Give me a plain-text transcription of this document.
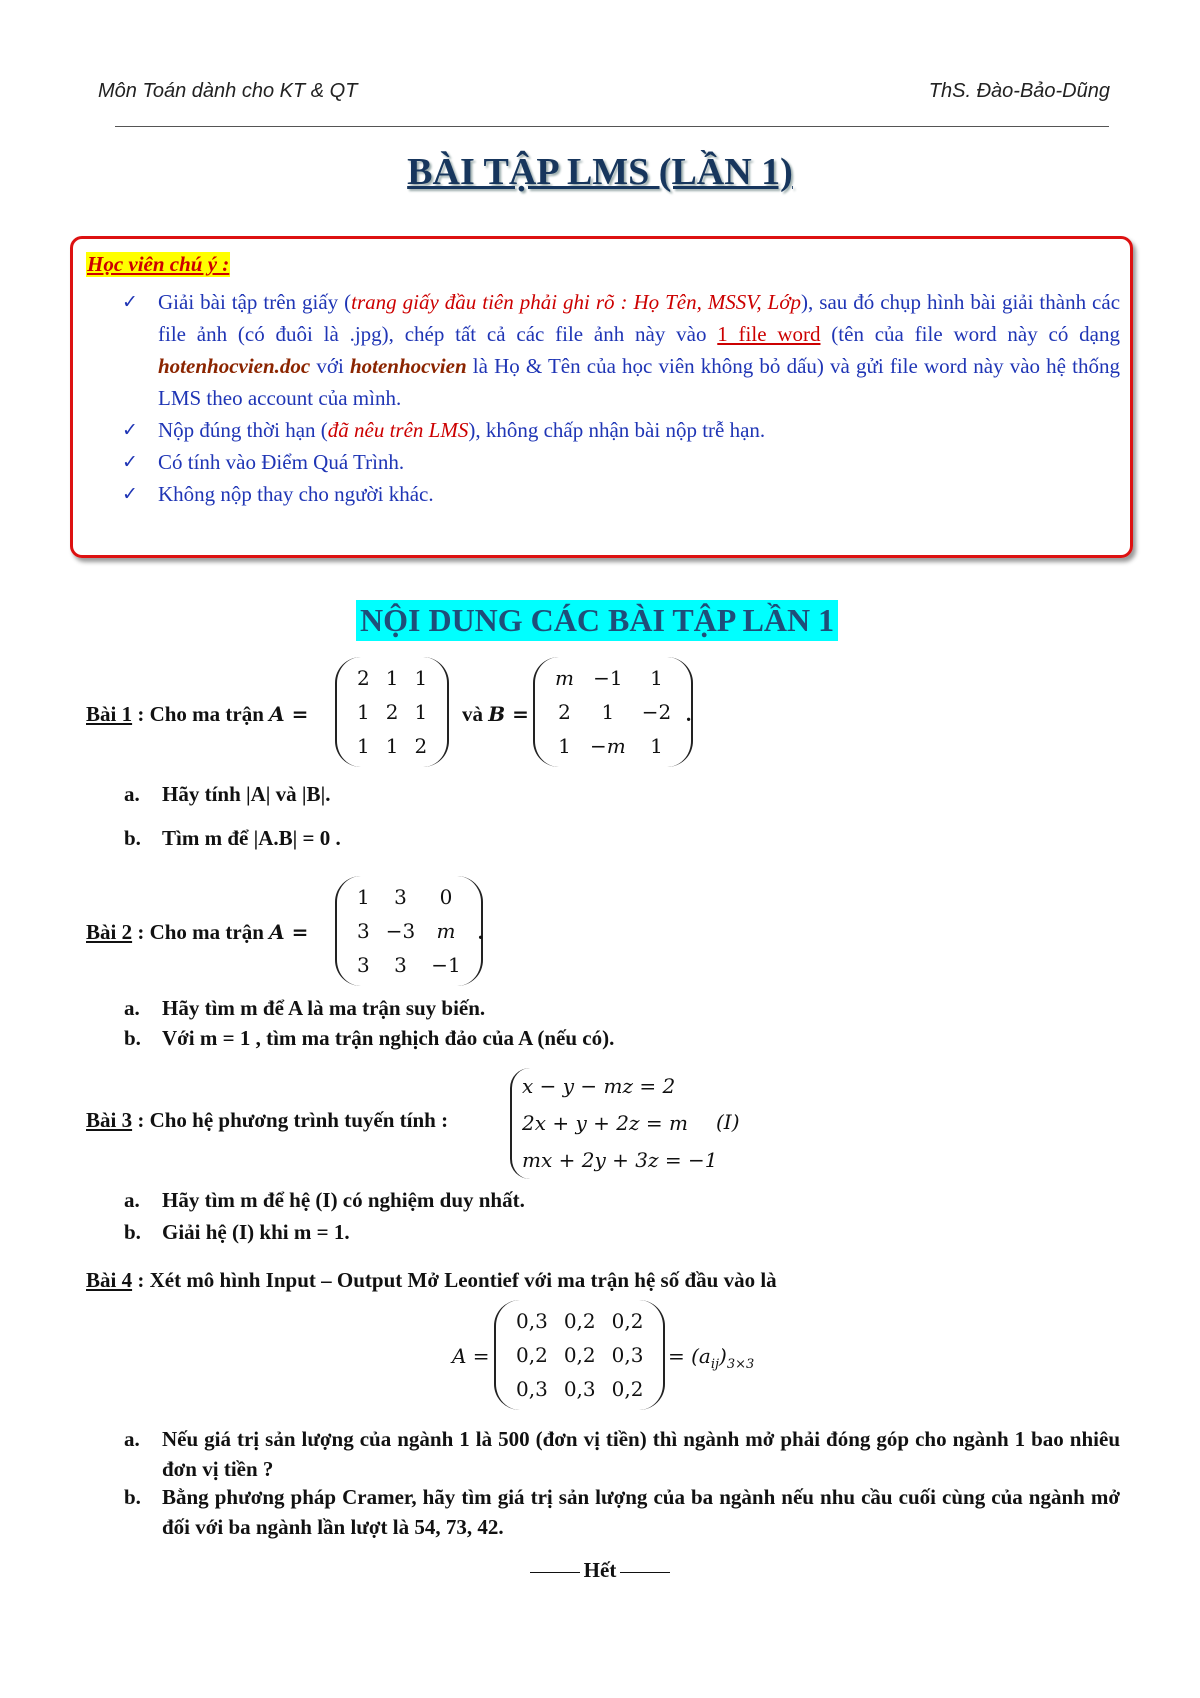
Môn Toán dành cho KT & QT	ThS. Đào-Bảo-Dũng
BÀI TẬP LMS (LẦN 1)
Học viên chú ý :
✓ Giải bài tập trên giấy (trang giấy đầu tiên phải ghi rõ : Họ Tên, MSSV, Lớp), sau đó chụp hình bài giải thành các file ảnh (có đuôi là .jpg), chép tất cả các file ảnh này vào 1 file word (tên của file word này có dạng hotenhocvien.doc với hotenhocvien là Họ & Tên của học viên không bỏ dấu) và gửi file word này vào hệ thống LMS theo account của mình.
✓ Nộp đúng thời hạn (đã nêu trên LMS), không chấp nhận bài nộp trễ hạn.
✓ Có tính vào Điểm Quá Trình.
✓ Không nộp thay cho người khác.
NỘI DUNG CÁC BÀI TẬP LẦN 1
Bài 1 : Cho ma trận A =
2	1	1
1	2	1
1	1	2
và B =
m	−1	1
2	1	−2
1	−m	1
.
a. Hãy tính |A| và |B|.
b. Tìm m để |A.B| = 0 .
Bài 2 : Cho ma trận A =
1	3	0
3	−3	m
3	3	−1
.
a. Hãy tìm m để A là ma trận suy biến.
b. Với m = 1 , tìm ma trận nghịch đảo của A (nếu có).
Bài 3 : Cho hệ phương trình tuyến tính :
x − y − mz = 2
2x + y + 2z = m
mx + 2y + 3z = −1
(I)
a. Hãy tìm m để hệ (I) có nghiệm duy nhất.
b. Giải hệ (I) khi m = 1.
Bài 4 : Xét mô hình Input – Output Mở Leontief với ma trận hệ số đầu vào là
A =
0,3	0,2	0,2
0,2	0,2	0,3
0,3	0,3	0,2
= $(a_{ij})_{3\times 3}$
a. Nếu giá trị sản lượng của ngành 1 là 500 (đơn vị tiền) thì ngành mở phải đóng góp cho ngành 1 bao nhiêu đơn vị tiền ?
b. Bằng phương pháp Cramer, hãy tìm giá trị sản lượng của ba ngành nếu nhu cầu cuối cùng của ngành mở đối với ba ngành lần lượt là 54, 73, 42.
Hết
